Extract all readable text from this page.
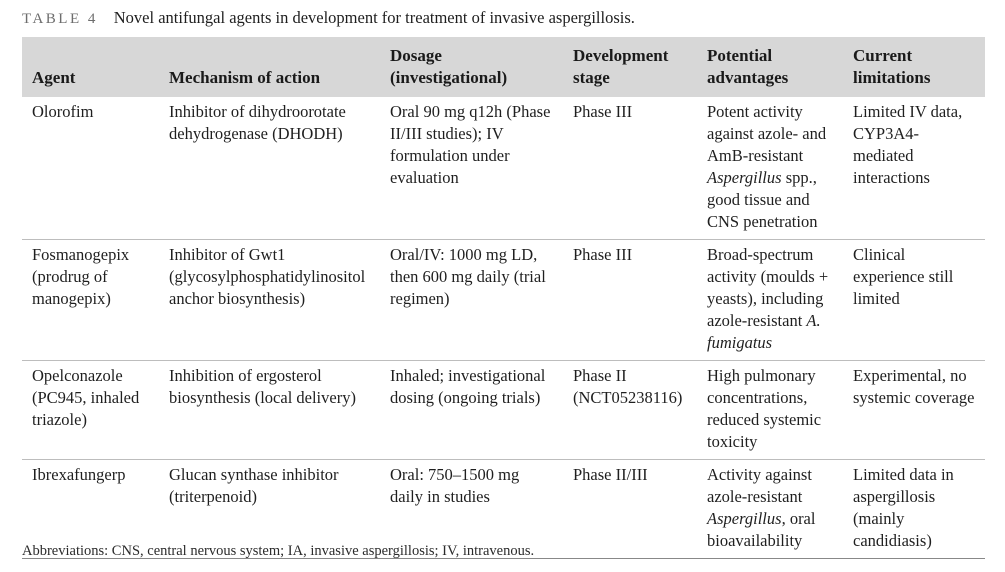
TABLE 4 Novel antifungal agents in development for treatment of invasive aspergillosis.
Agent	Mechanism of action	Dosage (investigational)	Development stage	Potential advantages	Current limitations
Olorofim	Inhibitor of dihydroorotate dehydrogenase (DHODH)	Oral 90 mg q12h (Phase II/III studies); IV formulation under evaluation	Phase III	Potent activity against azole- and AmB-resistant Aspergillus spp., good tissue and CNS penetration	Limited IV data, CYP3A4-mediated interactions
Fosmanogepix (prodrug of manogepix)	Inhibitor of Gwt1 (glycosylphosphatidylinositol anchor biosynthesis)	Oral/IV: 1000 mg LD, then 600 mg daily (trial regimen)	Phase III	Broad-spectrum activity (moulds + yeasts), including azole-resistant A. fumigatus	Clinical experience still limited
Opelconazole (PC945, inhaled triazole)	Inhibition of ergosterol biosynthesis (local delivery)	Inhaled; investigational dosing (ongoing trials)	Phase II (NCT05238116)	High pulmonary concentrations, reduced systemic toxicity	Experimental, no systemic coverage
Ibrexafungerp	Glucan synthase inhibitor (triterpenoid)	Oral: 750–1500 mg daily in studies	Phase II/III	Activity against azole-resistant Aspergillus, oral bioavailability	Limited data in aspergillosis (mainly candidiasis)
Abbreviations: CNS, central nervous system; IA, invasive aspergillosis; IV, intravenous.
